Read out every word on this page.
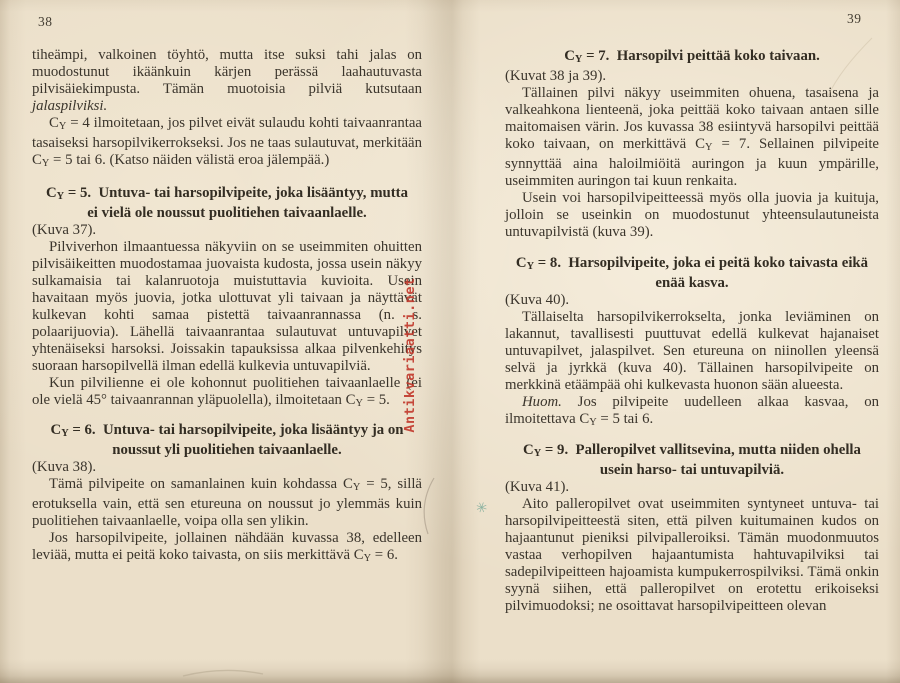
38	39

tiheämpi, valkoinen töyhtö, mutta itse suksi tahi jalas on muodostunut ikäänkuin kärjen perässä laahautuvasta pilvisäiekimpusta. Tämän muotoisia pilviä kutsutaan jalaspilviksi.

CY = 4 ilmoitetaan, jos pilvet eivät sulaudu kohti taivaanrantaa tasaiseksi harsopilvikerrokseksi. Jos ne taas sulautuvat, merkitään CY = 5 tai 6. (Katso näiden välistä eroa jälempää.)

CY = 5. Untuva- tai harsopilvipeite, joka lisääntyy, mutta
ei vielä ole noussut puolitiehen taivaanlaelle.

(Kuva 37).

Pilviverhon ilmaantuessa näkyviin on se useimmiten ohuitten pilvisäikeitten muodostamaa juovaista kudosta, jossa usein näkyy sulkamaisia tai kalanruotoja muistuttavia kuvioita. Usein havaitaan myös juovia, jotka ulottuvat yli taivaan ja näyttävät kulkevan kohti samaa pistettä taivaanrannassa (n. s. polaarijuovia). Lähellä taivaanrantaa sulautuvat untuvapilvet yhtenäiseksi harsoksi. Joissakin tapauksissa alkaa pilvenkehitys suoraan harsopilvellä ilman edellä kulkevia untuvapilviä.

Kun pilvilienne ei ole kohonnut puolitiehen taivaanlaelle (ei ole vielä 45° taivaanrannan yläpuolella), ilmoitetaan CY = 5.

CY = 6. Untuva- tai harsopilvipeite, joka lisääntyy ja on
noussut yli puolitiehen taivaanlaelle.

(Kuva 38).

Tämä pilvipeite on samanlainen kuin kohdassa CY = 5, sillä erotuksella vain, että sen etureuna on noussut jo ylemmäs kuin puolitiehen taivaanlaelle, voipa olla sen ylikin.

Jos harsopilvipeite, jollainen nähdään kuvassa 38, edelleen leviää, mutta ei peitä koko taivasta, on siis merkittävä CY = 6.

CY = 7. Harsopilvi peittää koko taivaan.

(Kuvat 38 ja 39).

Tällainen pilvi näkyy useimmiten ohuena, tasaisena ja valkeahkona lienteenä, joka peittää koko taivaan antaen sille maitomaisen värin. Jos kuvassa 38 esiintyvä harsopilvi peittää koko taivaan, on merkittävä CY = 7. Sellainen pilvipeite synnyttää aina haloilmiöitä auringon ja kuun ympärille, useimmiten auringon tai kuun renkaita.

Usein voi harsopilvipeitteessä myös olla juovia ja kuituja, jolloin se useinkin on muodostunut yhteensulautuneista untuvapilvistä (kuva 39).

CY = 8. Harsopilvipeite, joka ei peitä koko taivasta eikä
enää kasva.

(Kuva 40).

Tällaiselta harsopilvikerrokselta, jonka leviäminen on lakannut, tavallisesti puuttuvat edellä kulkevat hajanaiset untuvapilvet, jalaspilvet. Sen etureuna on niinollen yleensä selvä ja jyrkkä (kuva 40). Tällainen harsopilvipeite on merkkinä etäämpää ohi kulkevasta huonon sään alueesta.

Huom. Jos pilvipeite uudelleen alkaa kasvaa, on ilmoitettava CY = 5 tai 6.

CY = 9. Palleropilvet vallitsevina, mutta niiden ohella
usein harso- tai untuvapilviä.

(Kuva 41).

Aito palleropilvet ovat useimmiten syntyneet untuva- tai harsopilvipeitteestä siten, että pilven kuitumainen kudos on hajaantunut pieniksi pilvipalleroiksi. Tämän muodonmuutos vastaa verhopilven hajaantumista hahtuvapilviksi tai sadepilvipeitteen hajoamista kumpukerrospilviksi. Tämä onkin syynä siihen, että palleropilvet on erotettu erikoiseksi pilvimuodoksi; ne osoittavat harsopilvipeitteen olevan

Antikvariaatti.net
✳
